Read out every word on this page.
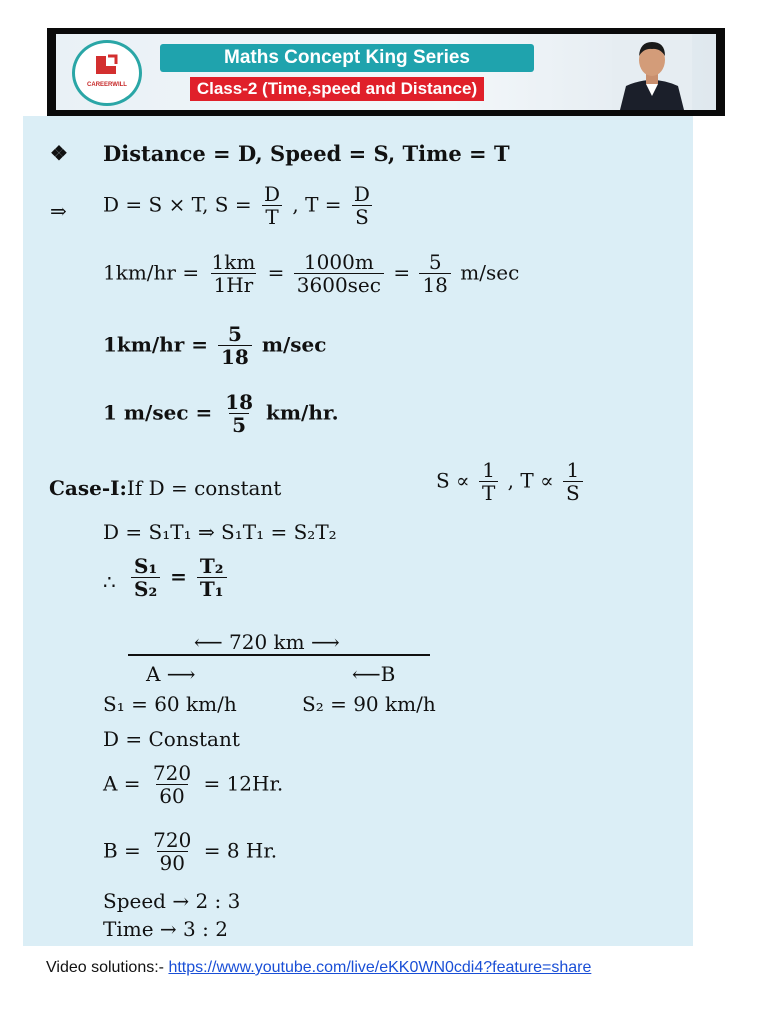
CAREERWILL
Maths Concept King Series
Class-2 (Time,speed and Distance)
❖ Distance = D, Speed = S, Time = T
⇒ D = S × T, $S = \frac{D}{T}$ , $T = \frac{D}{S}$
$1km/hr = \frac{1km}{1Hr} = \frac{1000m}{3600\sec} = \frac{5}{18} m/\sec$
$1km/hr = \frac{5}{18} m/\sec$
1 $m/\sec = \frac{18}{5} km/hr$.
Case-I:If D = constant	$S \propto \frac{1}{T}$ , $T \propto \frac{1}{S}$
D = S₁T₁ ⇒ S₁T₁ = S₂T₂
∴ $\frac{\text{S₁}}{\text{S₂}} = \frac{\text{T₂}}{\text{T₁}}$
⟵ 720 km ⟶
A ⟶	⟵B
S₁ = 60 km/h	S₂ = 90 km/h
D = Constant
$A = \frac{720}{60} = 12Hr$.
$B = \frac{720}{90} = 8$ Hr.
Speed → 2 : 3
Time → 3 : 2
Video solutions:- https://www.youtube.com/live/eKK0WN0cdi4?feature=share
